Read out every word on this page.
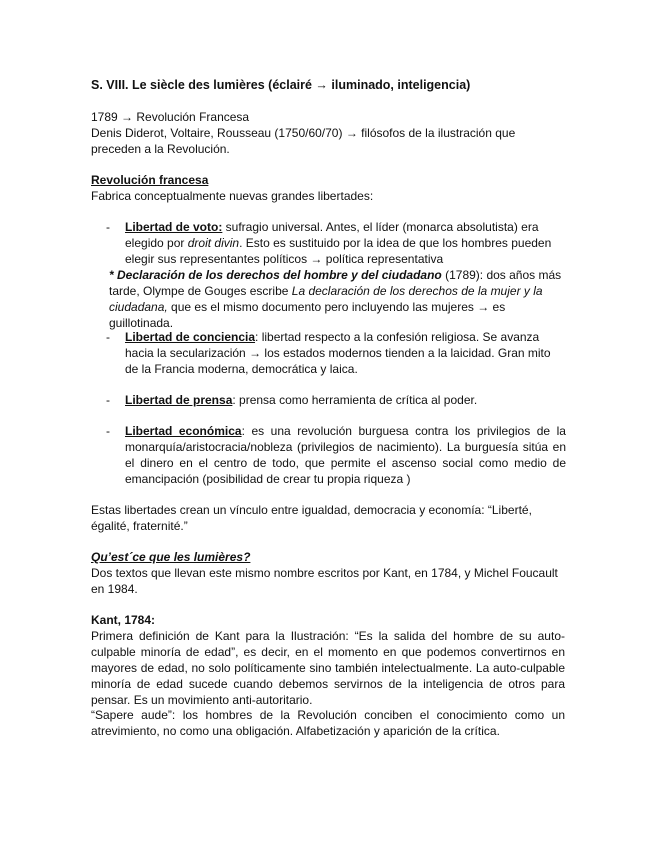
S. VIII. Le siècle des lumières (éclairé → iluminado, inteligencia)

1789 → Revolución Francesa

Denis Diderot, Voltaire, Rousseau (1750/60/70) → filósofos de la ilustración que preceden a la Revolución.

Revolución francesa

Fabrica conceptualmente nuevas grandes libertades:

- Libertad de voto: sufragio universal. Antes, el líder (monarca absolutista) era elegido por droit divin. Esto es sustituido por la idea de que los hombres pueden elegir sus representantes políticos → política representativa

* Declaración de los derechos del hombre y del ciudadano (1789): dos años más tarde, Olympe de Gouges escribe La declaración de los derechos de la mujer y la ciudadana, que es el mismo documento pero incluyendo las mujeres → es guillotinada.

- Libertad de conciencia: libertad respecto a la confesión religiosa. Se avanza hacia la secularización → los estados modernos tienden a la laicidad. Gran mito de la Francia moderna, democrática y laica.

- Libertad de prensa: prensa como herramienta de crítica al poder.

- Libertad económica: es una revolución burguesa contra los privilegios de la monarquía/aristocracia/nobleza (privilegios de nacimiento). La burguesía sitúa en el dinero en el centro de todo, que permite el ascenso social como medio de emancipación (posibilidad de crear tu propia riqueza )

Estas libertades crean un vínculo entre igualdad, democracia y economía: “Liberté, égalité, fraternité.”

Qu’est´ce que les lumières?

Dos textos que llevan este mismo nombre escritos por Kant, en 1784, y Michel Foucault en 1984.

Kant, 1784:

Primera definición de Kant para la Ilustración: “Es la salida del hombre de su auto-culpable minoría de edad”, es decir, en el momento en que podemos convertirnos en mayores de edad, no solo políticamente sino también intelectualmente. La auto-culpable minoría de edad sucede cuando debemos servirnos de la inteligencia de otros para pensar. Es un movimiento anti-autoritario.

“Sapere aude”: los hombres de la Revolución conciben el conocimiento como un atrevimiento, no como una obligación. Alfabetización y aparición de la crítica.
